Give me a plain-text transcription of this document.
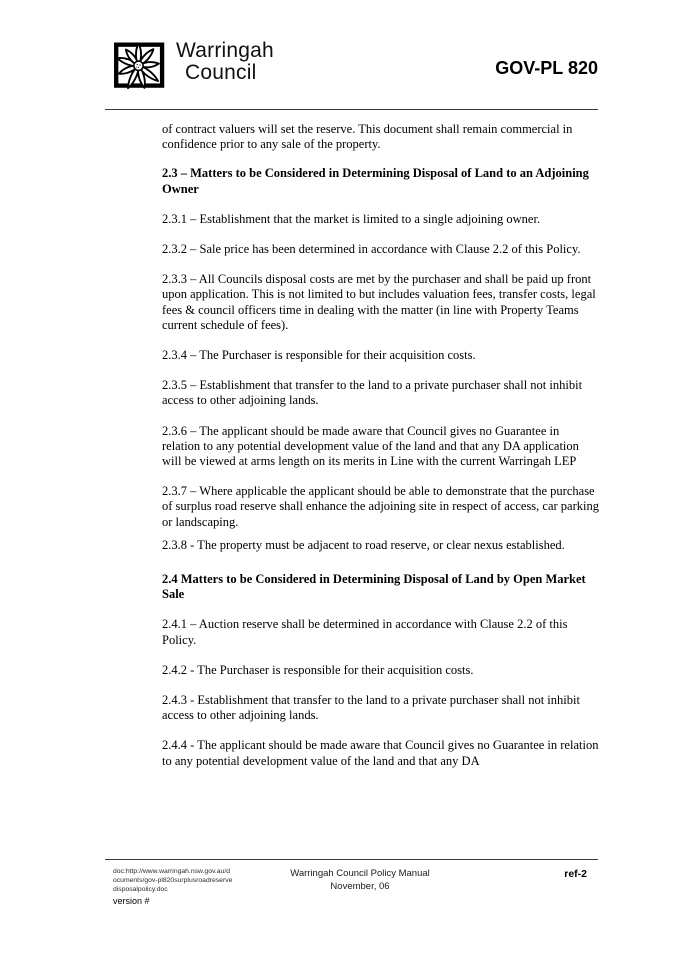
Warringah
Council	GOV-PL 820

of contract valuers will set the reserve. This document shall remain commercial in confidence prior to any sale of the property.

2.3 – Matters to be Considered in Determining Disposal of Land to an Adjoining Owner

2.3.1 – Establishment that the market is limited to a single adjoining owner.

2.3.2 – Sale price has been determined in accordance with Clause 2.2 of this Policy.

2.3.3 – All Councils disposal costs are met by the purchaser and shall be paid up front upon application. This is not limited to but includes valuation fees, transfer costs, legal fees & council officers time in dealing with the matter (in line with Property Teams current schedule of fees).

2.3.4 – The Purchaser is responsible for their acquisition costs.

2.3.5 – Establishment that transfer to the land to a private purchaser shall not inhibit access to other adjoining lands.

2.3.6 – The applicant should be made aware that Council gives no Guarantee in relation to any potential development value of the land and that any DA application will be viewed at arms length on its merits in Line with the current Warringah LEP

2.3.7 – Where applicable the applicant should be able to demonstrate that the purchase of surplus road reserve shall enhance the adjoining site in respect of access, car parking or landscaping.

2.3.8 - The property must be adjacent to road reserve, or clear nexus established.

2.4 Matters to be Considered in Determining Disposal of Land by Open Market Sale

2.4.1 – Auction reserve shall be determined in accordance with Clause 2.2 of this Policy.

2.4.2 - The Purchaser is responsible for their acquisition costs.

2.4.3 - Establishment that transfer to the land to a private purchaser shall not inhibit access to other adjoining lands.

2.4.4 - The applicant should be made aware that Council gives no Guarantee in relation to any potential development value of the land and that any DA

doc:http://www.warringah.nsw.gov.au/documents/gov-pl820surplusroadreservedisposalpolicy.doc
version #
Warringah Council Policy Manual
November, 06
ref-2
